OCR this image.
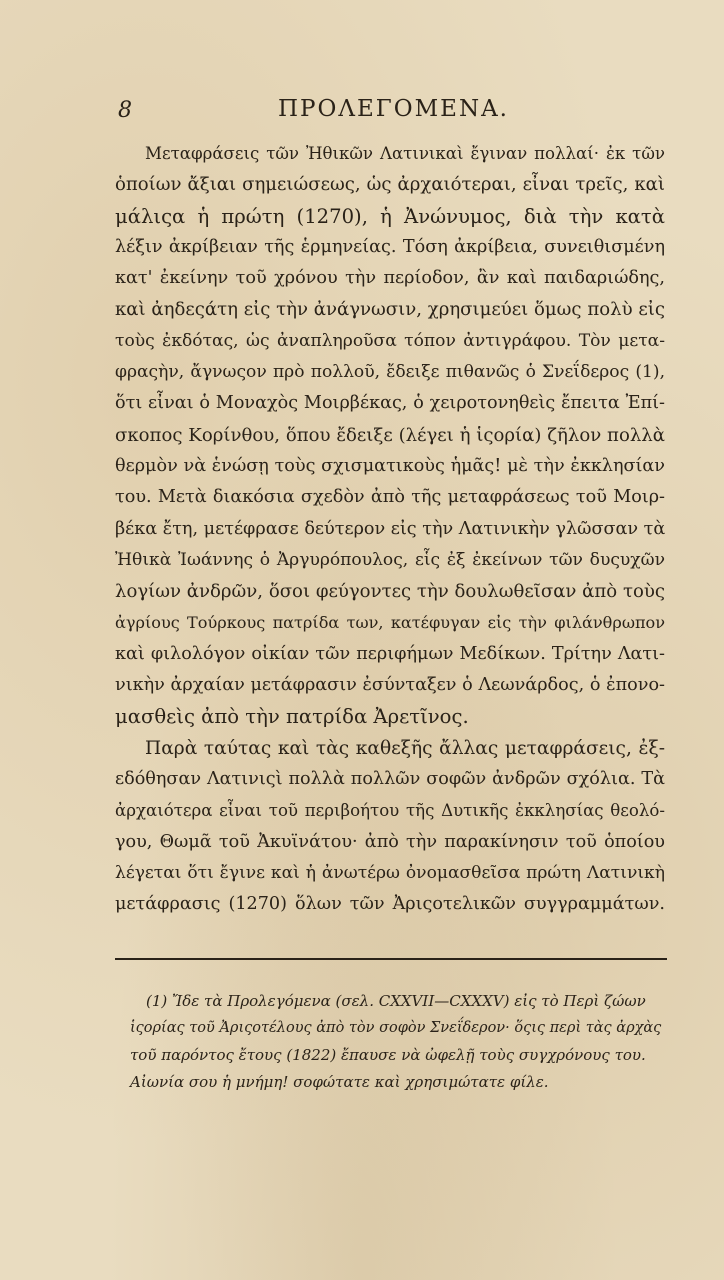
8	ΠΡΟΛΕΓΟΜΕΝΑ.
Μεταφράσεις τῶν Ἠθικῶν Λατινικαὶ ἔγιναν πολλαί· ἐκ τῶν
ὁποίων ἄξιαι σημειώσεως, ὡς ἀρχαιότεραι, εἶναι τρεῖς, καὶ
μάλιςα ἡ πρώτη (1270), ἡ Ἀνώνυμος, διὰ τὴν κατὰ
λέξιν ἀκρίβειαν τῆς ἑρμηνείας. Τόση ἀκρίβεια, συνειθισμένη
κατ' ἐκείνην τοῦ χρόνου τὴν περίοδον, ἂν καὶ παιδαριώδης,
καὶ ἀηδεςάτη εἰς τὴν ἀνάγνωσιν, χρησιμεύει ὅμως πολὺ εἰς
τοὺς ἐκδότας, ὡς ἀναπληροῦσα τόπον ἀντιγράφου. Τὸν μετα-
φραςὴν, ἄγνωςον πρὸ πολλοῦ, ἔδειξε πιθανῶς ὁ Σνεΐδερος (1),
ὅτι εἶναι ὁ Μοναχὸς Μοιρβέκας, ὁ χειροτονηθεὶς ἔπειτα Ἐπί-
σκοπος Κορίνθου, ὅπου ἔδειξε (λέγει ἡ ἱςορία) ζῆλον πολλὰ
θερμὸν νὰ ἑνώσῃ τοὺς σχισματικοὺς ἡμᾶς! μὲ τὴν ἐκκλησίαν
του. Μετὰ διακόσια σχεδὸν ἀπὸ τῆς μεταφράσεως τοῦ Μοιρ-
βέκα ἔτη, μετέφρασε δεύτερον εἰς τὴν Λατινικὴν γλῶσσαν τὰ
Ἠθικὰ Ἰωάννης ὁ Ἀργυρόπουλος, εἷς ἐξ ἐκείνων τῶν δυςυχῶν
λογίων ἀνδρῶν, ὅσοι φεύγοντες τὴν δουλωθεῖσαν ἀπὸ τοὺς
ἀγρίους Τούρκους πατρίδα των, κατέφυγαν εἰς τὴν φιλάνθρωπον
καὶ φιλολόγον οἰκίαν τῶν περιφήμων Μεδίκων. Τρίτην Λατι-
νικὴν ἀρχαίαν μετάφρασιν ἐσύνταξεν ὁ Λεωνάρδος, ὁ ἐπονο-
μασθεὶς ἀπὸ τὴν πατρίδα Ἀρετῖνος.
Παρὰ ταύτας καὶ τὰς καθεξῆς ἄλλας μεταφράσεις, ἐξ-
εδόθησαν Λατινιςὶ πολλὰ πολλῶν σοφῶν ἀνδρῶν σχόλια. Τὰ
ἀρχαιότερα εἶναι τοῦ περιβοήτου τῆς Δυτικῆς ἐκκλησίας θεολό-
γου, Θωμᾶ τοῦ Ἀκυϊνάτου· ἀπὸ τὴν παρακίνησιν τοῦ ὁποίου
λέγεται ὅτι ἔγινε καὶ ἡ ἀνωτέρω ὀνομασθεῖσα πρώτη Λατινικὴ
μετάφρασις (1270) ὅλων τῶν Ἀριςοτελικῶν συγγραμμάτων.
(1) Ἴδε τὰ Προλεγόμενα (σελ. CXXVII—CXXXV) εἰς τὸ Περὶ ζώων
ἱςορίας τοῦ Ἀριςοτέλους ἀπὸ τὸν σοφὸν Σνεΐδερον· ὅςις περὶ τὰς ἀρχὰς
τοῦ παρόντος ἔτους (1822) ἔπαυσε νὰ ὠφελῇ τοὺς συγχρόνους του.
Αἰωνία σου ἡ μνήμη! σοφώτατε καὶ χρησιμώτατε φίλε.
